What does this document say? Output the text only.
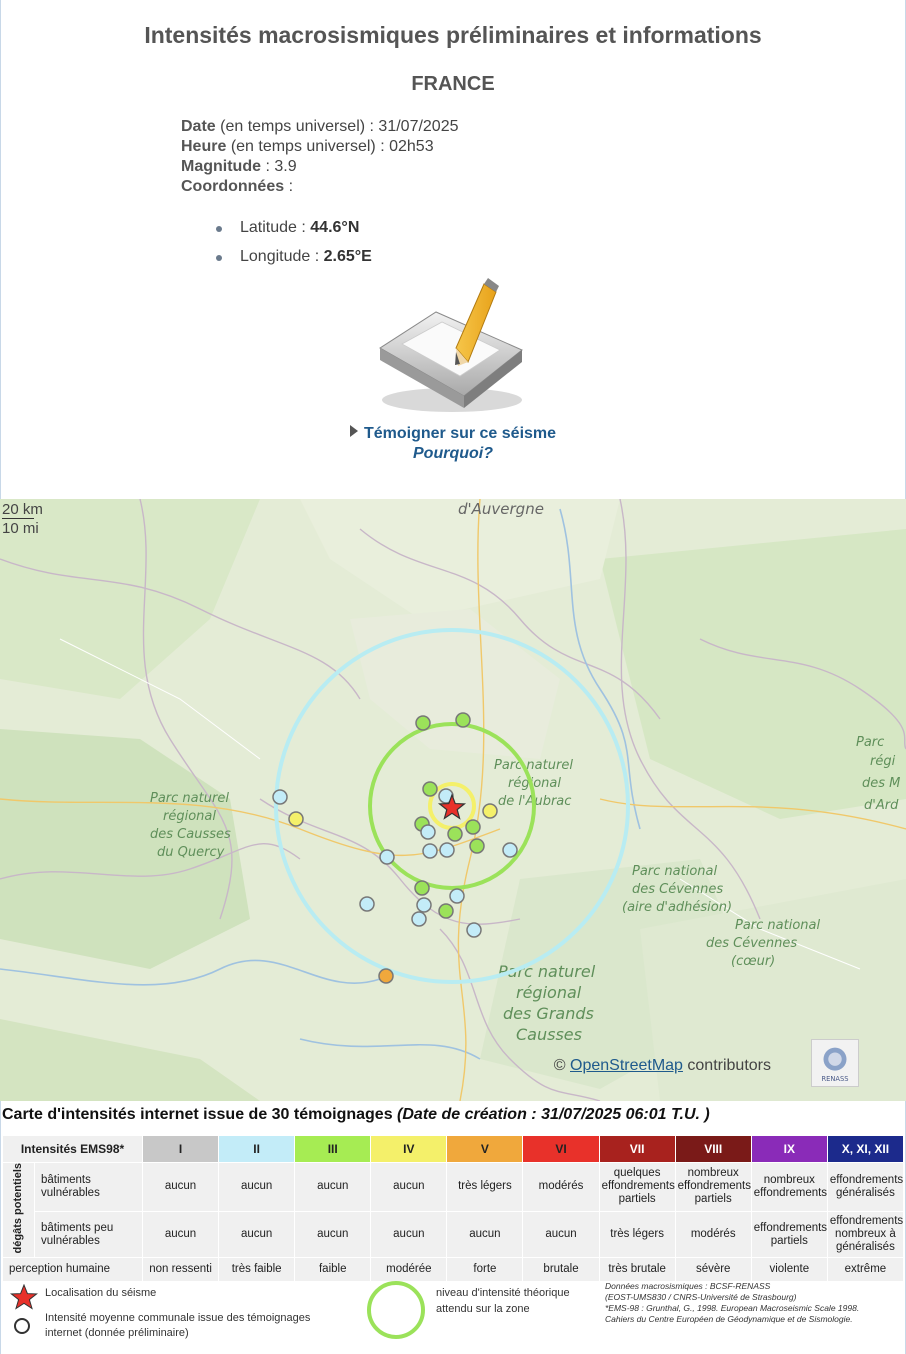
Intensités macrosismiques préliminaires et informations
FRANCE
Date (en temps universel) : 31/07/2025
Heure (en temps universel) : 02h53
Magnitude : 3.9
Coordonnées :
Latitude : 44.6°N
Longitude : 2.65°E
Témoigner sur ce séisme
Pourquoi?
d'Auvergne
Parc naturel
régional
des Causses
du Quercy
Parc naturel
régional
de l'Aubrac
Parc national
des Cévennes
(aire d'adhésion)
Parc national
des Cévennes
(cœur)
Parc naturel
régional
des Grands
Causses
Parc
régi
des M
d'Ard
20 km
10 mi
© OpenStreetMap contributors
RENASS
Carte d'intensités internet issue de 30 témoignages (Date de création : 31/07/2025 06:01 T.U. )
Intensités EMS98*		I	II	III	IV	V	VI	VII	VIII	IX	X, XI, XII
dégâts potentiels	bâtiments vulnérables	aucun	aucun	aucun	aucun	très légers	modérés	quelques effondrements partiels	nombreux effondrements partiels	nombreux effondrements	effondrements généralisés
	bâtiments peu vulnérables	aucun	aucun	aucun	aucun	aucun	aucun	très légers	modérés	effondrements partiels	effondrements nombreux à généralisés
perception humaine		non ressenti	très faible	faible	modérée	forte	brutale	très brutale	sévère	violente	extrême
Localisation du séisme
Intensité moyenne communale issue des témoignages internet (donnée préliminaire)
niveau d'intensité théorique attendu sur la zone
Données macrosismiques : BCSF-RENASS
(EOST-UMS830 / CNRS-Université de Strasbourg)
*EMS-98 : Grunthal, G., 1998. European Macroseismic Scale 1998.
Cahiers du Centre Européen de Géodynamique et de Sismologie.
